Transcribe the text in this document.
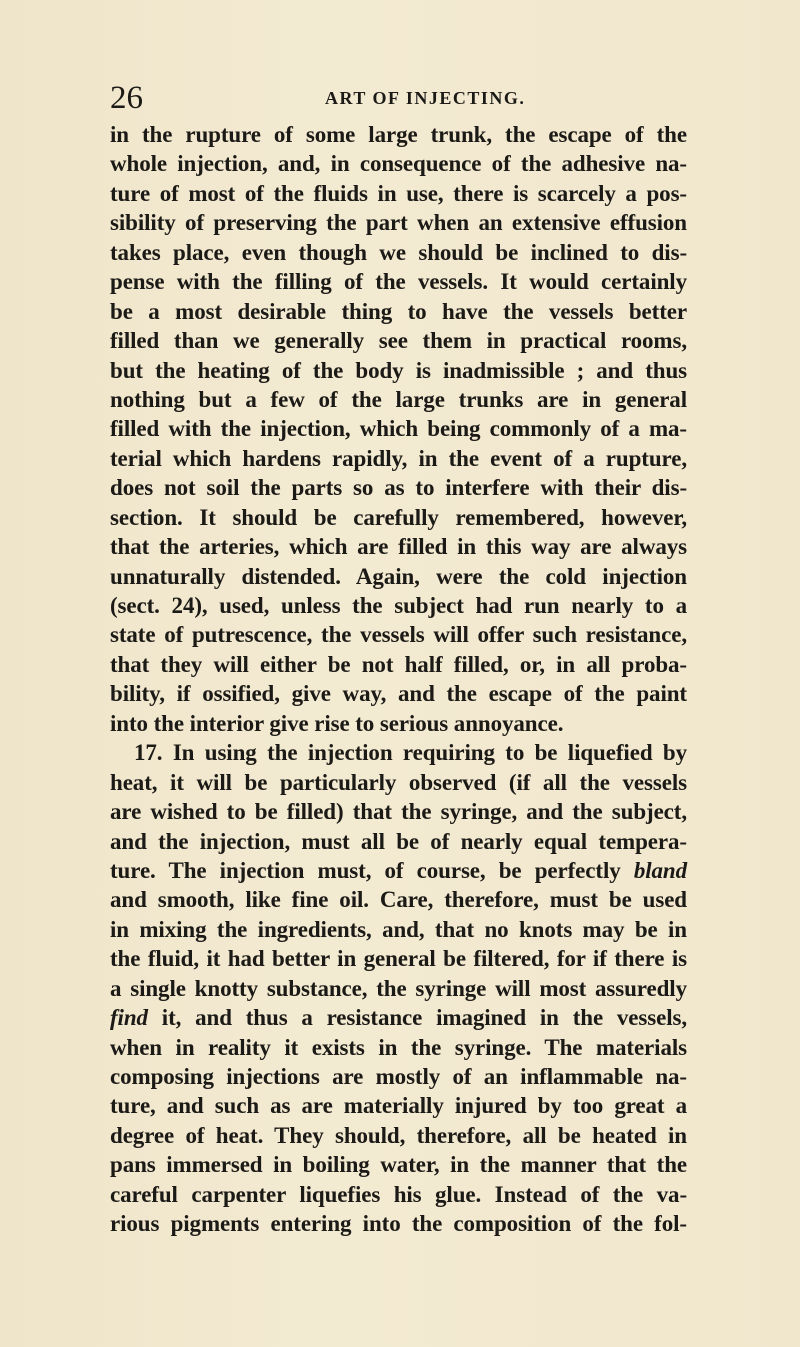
26	ART OF INJECTING.
in the rupture of some large trunk, the escape of the
whole injection, and, in consequence of the adhesive na-
ture of most of the fluids in use, there is scarcely a pos-
sibility of preserving the part when an extensive effusion
takes place, even though we should be inclined to dis-
pense with the filling of the vessels. It would certainly
be a most desirable thing to have the vessels better
filled than we generally see them in practical rooms,
but the heating of the body is inadmissible ; and thus
nothing but a few of the large trunks are in general
filled with the injection, which being commonly of a ma-
terial which hardens rapidly, in the event of a rupture,
does not soil the parts so as to interfere with their dis-
section. It should be carefully remembered, however,
that the arteries, which are filled in this way are always
unnaturally distended. Again, were the cold injection
(sect. 24), used, unless the subject had run nearly to a
state of putrescence, the vessels will offer such resistance,
that they will either be not half filled, or, in all proba-
bility, if ossified, give way, and the escape of the paint
into the interior give rise to serious annoyance.
17. In using the injection requiring to be liquefied by
heat, it will be particularly observed (if all the vessels
are wished to be filled) that the syringe, and the subject,
and the injection, must all be of nearly equal tempera-
ture. The injection must, of course, be perfectly bland
and smooth, like fine oil. Care, therefore, must be used
in mixing the ingredients, and, that no knots may be in
the fluid, it had better in general be filtered, for if there is
a single knotty substance, the syringe will most assuredly
find it, and thus a resistance imagined in the vessels,
when in reality it exists in the syringe. The materials
composing injections are mostly of an inflammable na-
ture, and such as are materially injured by too great a
degree of heat. They should, therefore, all be heated in
pans immersed in boiling water, in the manner that the
careful carpenter liquefies his glue. Instead of the va-
rious pigments entering into the composition of the fol-
